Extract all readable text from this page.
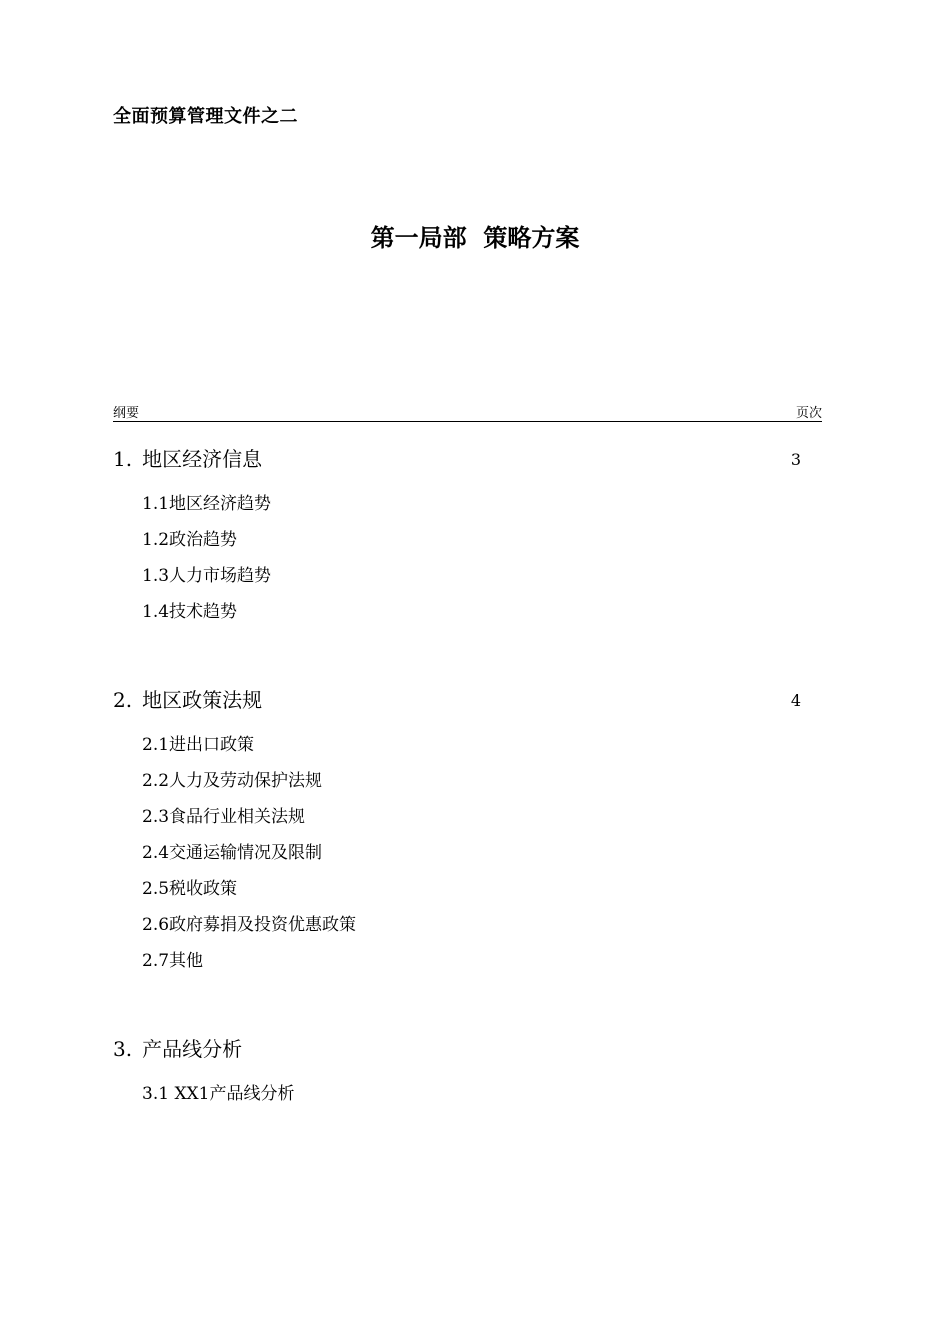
全面预算管理文件之二
第一局部  策略方案
纲要	页次
1. 地区经济信息	3
1.1地区经济趋势
1.2政治趋势
1.3人力市场趋势
1.4技术趋势
2. 地区政策法规	4
2.1进出口政策
2.2人力及劳动保护法规
2.3食品行业相关法规
2.4交通运输情况及限制
2.5税收政策
2.6政府募捐及投资优惠政策
2.7其他
3. 产品线分析
3.1 XX1产品线分析
